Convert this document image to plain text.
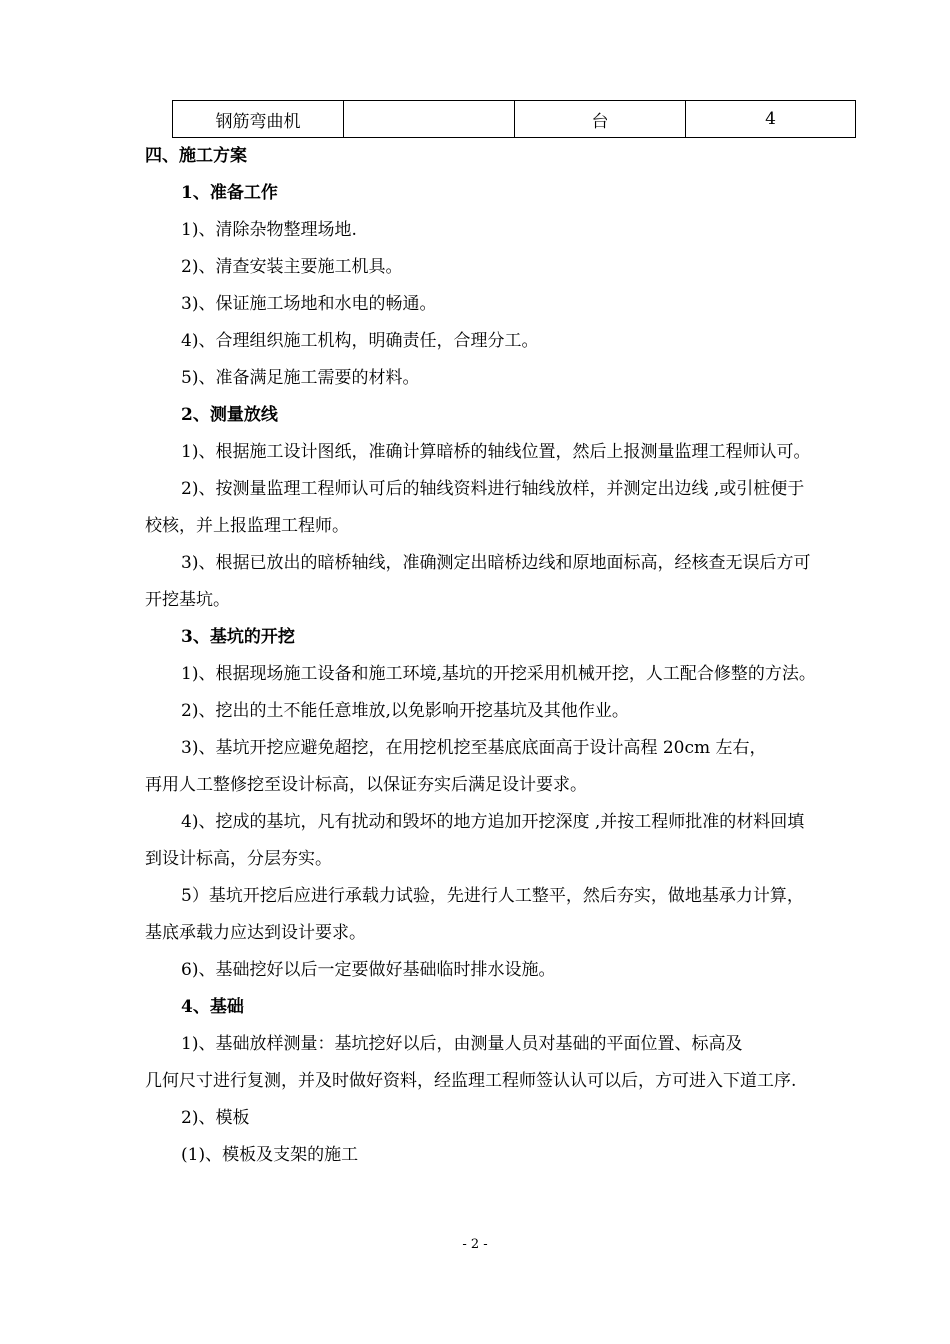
钢筋弯曲机		台	4

四、施工方案

1、准备工作

1)、清除杂物整理场地.

2)、清查安装主要施工机具。

3)、保证施工场地和水电的畅通。

4)、合理组织施工机构，明确责任，合理分工。

5)、准备满足施工需要的材料。

2、测量放线

1)、根据施工设计图纸，准确计算暗桥的轴线位置，然后上报测量监理工程师认可。

2)、按测量监理工程师认可后的轴线资料进行轴线放样，并测定出边线 ,或引桩便于

校核，并上报监理工程师。

3)、根据已放出的暗桥轴线，准确测定出暗桥边线和原地面标高，经核查无误后方可

开挖基坑。

3、基坑的开挖

1)、根据现场施工设备和施工环境,基坑的开挖采用机械开挖，人工配合修整的方法。

2)、挖出的土不能任意堆放,以免影响开挖基坑及其他作业。

3)、基坑开挖应避免超挖，在用挖机挖至基底底面高于设计高程 20cm 左右，

再用人工整修挖至设计标高，以保证夯实后满足设计要求。

4)、挖成的基坑，凡有扰动和毁坏的地方追加开挖深度 ,并按工程师批准的材料回填

到设计标高，分层夯实。

5）基坑开挖后应进行承载力试验，先进行人工整平，然后夯实，做地基承力计算，

基底承载力应达到设计要求。

6)、基础挖好以后一定要做好基础临时排水设施。

4、基础

1)、基础放样测量：基坑挖好以后，由测量人员对基础的平面位置、标高及

几何尺寸进行复测，并及时做好资料，经监理工程师签认认可以后，方可进入下道工序.

2)、模板

(1)、模板及支架的施工

- 2 -
